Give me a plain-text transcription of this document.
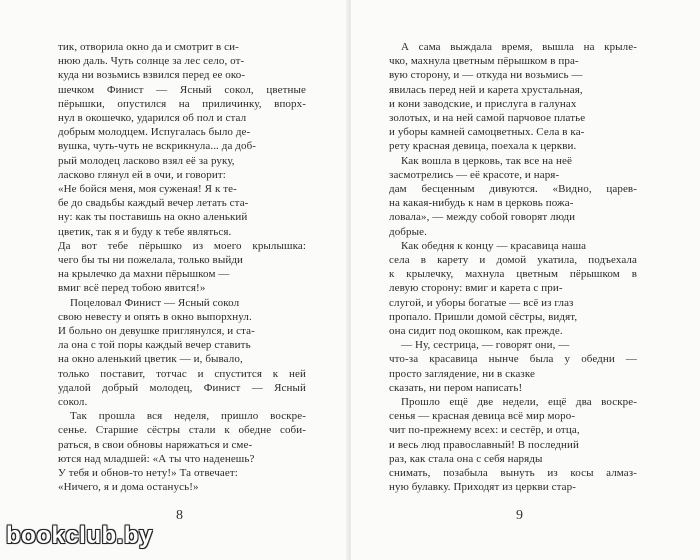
тик, отворила окно да и смотрит в си-
нюю даль. Чуть солнце за лес село, от-
куда ни возьмись взвился перед ее око-
шечком Финист — Ясный сокол, цветные
пёрышки, опустился на приличинку, впорх-
нул в окошечко, ударился об пол и стал
добрым молодцем. Испугалась было де-
вушка, чуть-чуть не вскрикнула... да доб-
рый молодец ласково взял её за руку,
ласково глянул ей в очи, и говорит:
«Не бойся меня, моя суженая! Я к те-
бе до свадьбы каждый вечер летать ста-
ну: как ты поставишь на окно аленький
цветик, так я и буду к тебе являться.
Да вот тебе пёрышко из моего крылышка:
чего бы ты ни пожелала, только выйди
на крылечко да махни пёрышком —
вмиг всё перед тобою явится!»
Поцеловал Финист — Ясный сокол
свою невесту и опять в окно выпорхнул.
И больно он девушке приглянулся, и ста-
ла она с той поры каждый вечер ставить
на окно аленький цветик — и, бывало,
только поставит, тотчас и спустится к ней
удалой добрый молодец, Финист — Ясный
сокол.
Так прошла вся неделя, пришло воскре-
сенье. Старшие сёстры стали к обедне соби-
раться, в свои обновы наряжаться и сме-
ются над младшей: «А ты что наденешь?
У тебя и обнов-то нету!» Та отвечает:
«Ничего, я и дома останусь!»
8
А сама выждала время, вышла на крыле-
чко, махнула цветным пёрышком в пра-
вую сторону, и — откуда ни возьмись —
явилась перед ней и карета хрустальная,
и кони заводские, и прислуга в галунах
золотых, и на ней самой парчовое платье
и уборы камней самоцветных. Села в ка-
рету красная девица, поехала к церкви.
Как вошла в церковь, так все на неё
засмотрелись — её красоте, и наря-
дам бесценным дивуются. «Видно, царев-
на какая-нибудь к нам в церковь пожа-
ловала», — между собой говорят люди
добрые.
Как обедня к концу — красавица наша
села в карету и домой укатила, подъехала
к крылечку, махнула цветным пёрышком в
левую сторону: вмиг и карета с при-
слугой, и уборы богатые — всё из глаз
пропало. Пришли домой сёстры, видят,
она сидит под окошком, как прежде.
— Ну, сестрица, — говорят они, —
что-за красавица нынче была у обедни —
просто заглядение, ни в сказке
сказать, ни пером написать!
Прошло ещё две недели, ещё два воскре-
сенья — красная девица всё мир моро-
чит по-прежнему всех: и сестёр, и отца,
и весь люд православный! В последний
раз, как стала она с себя наряды
снимать, позабыла вынуть из косы алмаз-
ную булавку. Приходят из церкви стар-
9
bookclub.by
